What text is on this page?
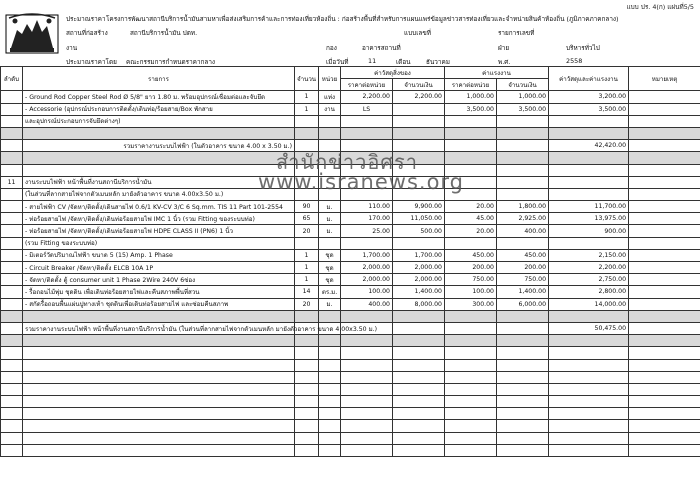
แบบ ปร. 4(ก) แผ่นที่5/5
ประมาณราคา โครงการพัฒนาสถานีบริการน้ำมันสามหาเพื่อส่งเสริมการค้าและการท่องเที่ยวห้องถิ่น : ก่อสร้างพื้นที่สำหรับการแผนแพร่ข้อมูลข่าวสารท่องเที่ยวและจำหน่ายสินค้าห้องถิ่น (ภูมิภาคภาคกลาง)
สถานที่ก่อสร้าง	สถานีบริการน้ำมัน ปตท.	แบบเลขที่	รายการเลขที่
งาน	กอง	อาคารสถานที่	ฝ่าย	บริหารทั่วไป
ประมาณราคาโดย คณะกรรมการกำหนดราคากลาง	เมื่อวันที่	11	เดือน ธันวาคม	พ.ศ.	2558
ลำดับ	รายการ	จำนวน	หน่วย	ค่าวัสดุสิ่งของ		ค่าแรงงาน		ค่าวัสดุและค่าแรงงาน	หมายเหตุ
				ราคาต่อหน่วย	จำนวนเงิน	ราคาต่อหน่วย	จำนวนเงิน		
	- Ground Rod Copper Steel Rod Ø 5/8" ยาว 1.80 ม. พร้อมอุปกรณ์เชื่อมต่อและจับยึด	1	แท่ง	2,200.00	2,200.00	1,000.00	1,000.00	3,200.00	
	- Accessorie (อุปกรณ์ประกอบการติดตั้ง/เดินท่อ/ร้อยสาย/Box พักสาย	1	งาน	LS		3,500.00	3,500.00	3,500.00	
	และอุปกรณ์ประกอบการจับยึดต่างๆ)								

	รวมราคางานระบบไฟฟ้า (ในตัวอาคาร ขนาด 4.00 x 3.50 ม.)							42,420.00	

11	งานระบบไฟฟ้า หน้าพื้นที่งานสถานีบริการน้ำมัน								
	(ในส่วนที่ลากสายไฟจากตัวเมนหลัก มายังตัวอาคาร ขนาด 4.00x3.50 ม.)								
	- สายไฟฟ้า CV /จัดหา/ติดตั้ง/เดินสายไฟ 0.6/1 KV-CV 3/C 6 Sq.mm. TIS 11 Part 101-2554	90	ม.	110.00	9,900.00	20.00	1,800.00	11,700.00	
	- ท่อร้อยสายไฟ /จัดหา/ติดตั้ง/เดินท่อร้อยสายไฟ IMC 1 นิ้ว (รวม Fitting ของระบบท่อ)	65	ม.	170.00	11,050.00	45.00	2,925.00	13,975.00	
	- ท่อร้อยสายไฟ /จัดหา/ติดตั้ง/เดินท่อร้อยสายไฟ HDPE CLASS II (PN6) 1 นิ้ว	20	ม.	25.00	500.00	20.00	400.00	900.00	
	(รวม Fitting ของระบบท่อ)								
	- มิเตอร์วัดปริมาณไฟฟ้า ขนาด 5 (15) Amp. 1 Phase	1	ชุด	1,700.00	1,700.00	450.00	450.00	2,150.00	
	- Circuit Breaker /จัดหา/ติดตั้ง ELCB 10A 1P	1	ชุด	2,000.00	2,000.00	200.00	200.00	2,200.00	
	- จัดหา/ติดตั้ง ตู้ consumer unit 1 Phase 2Wire 240V 6ช่อง	1	ชุด	2,000.00	2,000.00	750.00	750.00	2,750.00	
	- รื้อถอนไม้พุ่ม ชุดดิน เพื่อเดินท่อร้อยสายไฟและคืนสภาพพื้นที่สวน	14	ตร.ม.	100.00	1,400.00	100.00	1,400.00	2,800.00	
	- สกัดรื้อถอนพื้นแผ่นปูทางเท้า ชุดดินเพื่อเดินท่อร้อยสายไฟ และซ่อมคืนสภาพ	20	ม.	400.00	8,000.00	300.00	6,000.00	14,000.00	

	รวมราคางานระบบไฟฟ้า หน้าพื้นที่งานสถานีบริการน้ำมัน (ในส่วนที่ลากสายไฟจากตัวเมนหลัก มายังตัวอาคาร ขนาด 4.00x3.50 ม.)							50,475.00	

สำนักข่าวอิศรา
www.isranews.org
